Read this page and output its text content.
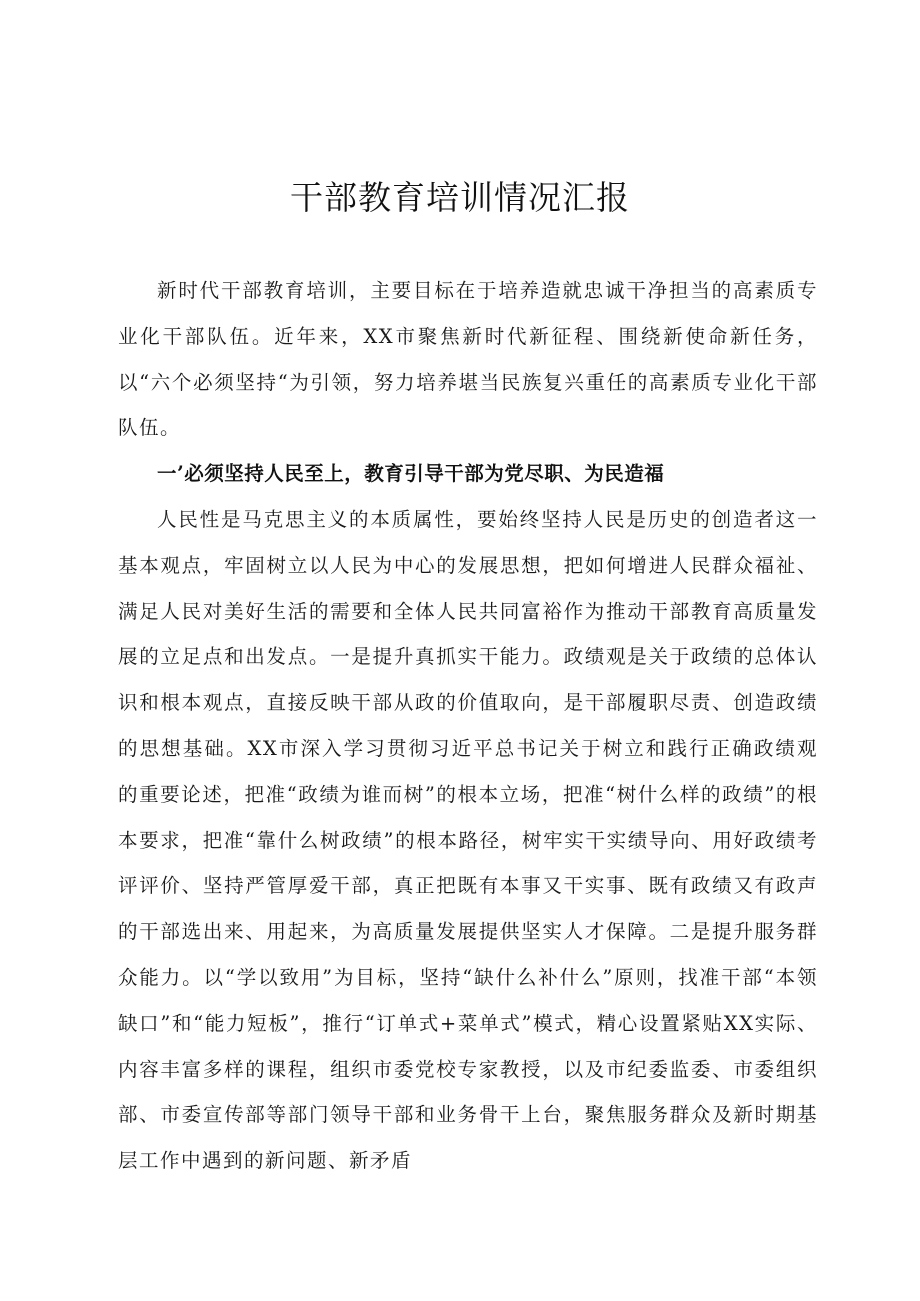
干部教育培训情况汇报

新时代干部教育培训，主要目标在于培养造就忠诚干净担当的高素质专业化干部队伍。近年来，XX市聚焦新时代新征程、围绕新使命新任务，以“六个必须坚持“为引领，努力培养堪当民族复兴重任的高素质专业化干部队伍。

一’必须坚持人民至上，教育引导干部为党尽职、为民造福

人民性是马克思主义的本质属性，要始终坚持人民是历史的创造者这一基本观点，牢固树立以人民为中心的发展思想，把如何增进人民群众福祉、满足人民对美好生活的需要和全体人民共同富裕作为推动干部教育高质量发展的立足点和出发点。一是提升真抓实干能力。政绩观是关于政绩的总体认识和根本观点，直接反映干部从政的价值取向，是干部履职尽责、创造政绩的思想基础。XX市深入学习贯彻习近平总书记关于树立和践行正确政绩观的重要论述，把准“政绩为谁而树”的根本立场，把准“树什么样的政绩”的根本要求，把准“靠什么树政绩”的根本路径，树牢实干实绩导向、用好政绩考评评价、坚持严管厚爱干部，真正把既有本事又干实事、既有政绩又有政声的干部选出来、用起来，为高质量发展提供坚实人才保障。二是提升服务群众能力。以“学以致用”为目标，坚持“缺什么补什么”原则，找准干部“本领缺口”和“能力短板”，推行“订单式+菜单式”模式，精心设置紧贴XX实际、内容丰富多样的课程，组织市委党校专家教授，以及市纪委监委、市委组织部、市委宣传部等部门领导干部和业务骨干上台，聚焦服务群众及新时期基层工作中遇到的新问题、新矛盾
